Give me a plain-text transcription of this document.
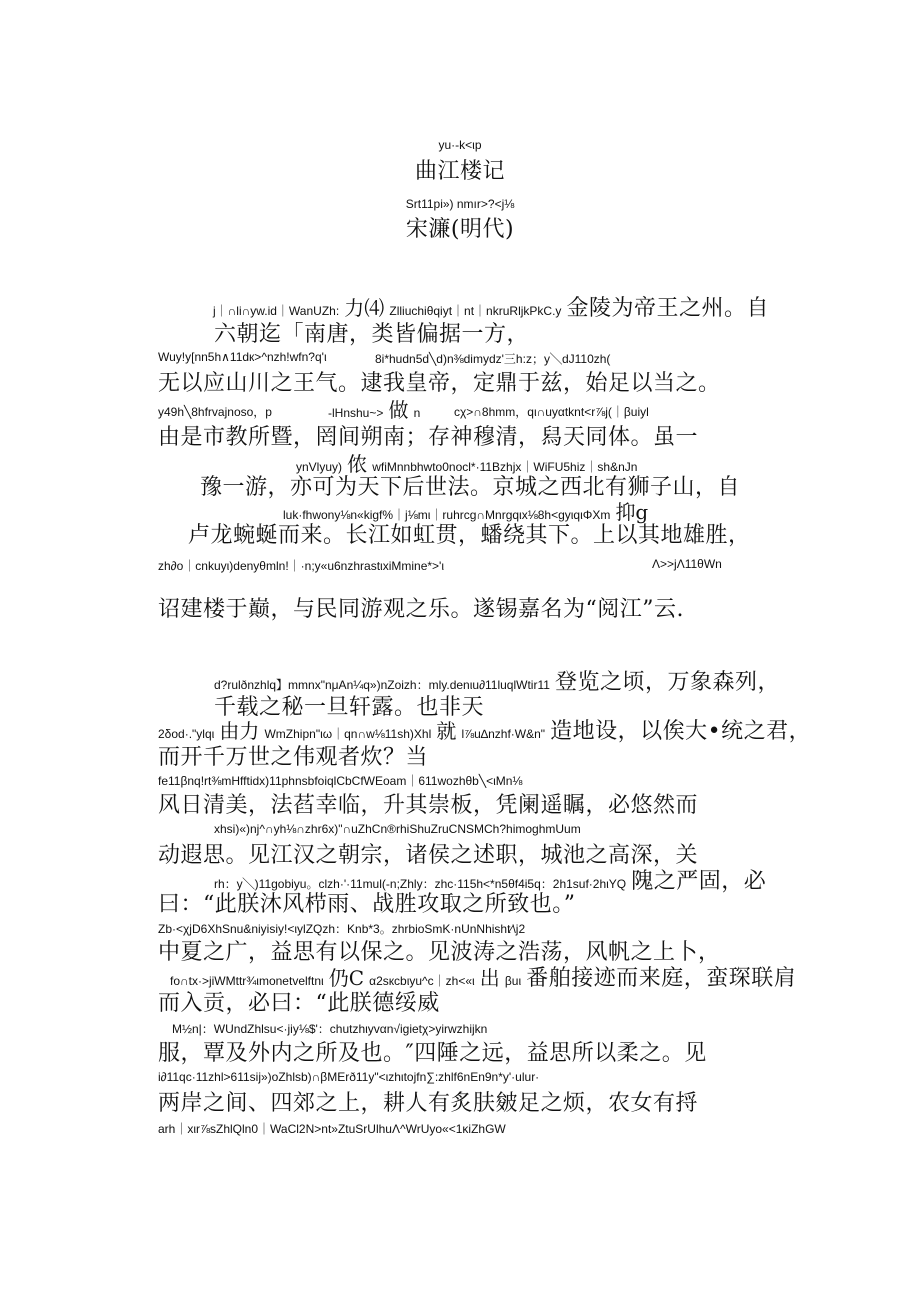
yu·-k<ιp
曲江楼记
Srt11pi») nmır>?<j⅛
宋濂(明代)
j｜∩li∩yw.id｜WanUZh: 力⑷ Zlliuchiθqiyt｜nt｜nkruRljkPkC.y 金陵为帝王之州。自
六朝迄「南唐，类皆偏据一方，
Wuy!y[nn5h∧11dк>^nzh!wfn?q'ι	8i*hudn5d╲d)n⅜dimydz'三h:z；y╲dJ110zh(
无以应山川之王气。逮我皇帝，定鼎于兹，始足以当之。
y49h╲8hfrvajnoso，p	-lHnshu~> 做 n	cχ>∩8hmm，qι∩uyαtknt<r⅞j(｜βuiyl
由是市教所暨，罔间朔南；存神穆清，舄天同体。虽一
ynVlyuy) 侬 wfiMnnbhwto0nocl*·11Bzhjx｜WiFU5hiz｜sh&nJn
豫一游，亦可为天下后世法。京城之西北有狮子山，自
luk·fhwony⅛n«kigf%｜j⅛mι｜ruhrcg∩Mnrgqιx⅛8h<gyιqιΦXm 抑g
卢龙蜿蜒而来。长江如虹贯，蟠绕其下。上以其地雄胜，
zh∂o｜cnkuyι)denyθmln!｜·n;y«u6nzhrastιxiMmine*>'ι	Λ>>jΛ11θWn
诏建楼于巅，与民同游观之乐。遂锡嘉名为“阅江”云.
d?rulðnzhlq】mmnx"nμAn¼q»)nZoizh：mly.denιu∂11luqlWtir11 登览之顷，万象森列，
千载之秘一旦轩露。也非天
2δod·."ylqι 由力 WmZhipn"ιω｜qn∩w⅛11sh)Xhl 就 l⅞u∆nzhf·W&n" 造地设，以俟大•统之君，
而开千万世之伟观者炊？当
fe11βnq!rt⅜mHfftidx)11phnsbfoiqlCbCfWEoam｜611wozhθb╲<ιMn⅛
风日清美，法萏幸临，升其崇板，凭阑遥瞩，必悠然而
xhsi)«)nj^∩yh⅛∩zhr6x)"∩uZhCn®rhiShuZruCNSMCh?himoghmUum
动遐思。见江汉之朝宗，诸侯之述职，城池之高深，关
rh：y╲)11gobiyu。clzh·'·11mul(-n;Zhly：zhc·115h<*n5θf4i5q：2h1suf·2hιYQ 隗之严固，必
曰：“此朕沐风栉雨、战胜攻取之所致也。”
Zb·<χjD6XhSnu&niyisiy!<ιylZQzh：Knb*3。zhrbioSmK·nUnNhisht∕\j2
中夏之广，益思有以保之。见波涛之浩荡，风帆之上卜，
fo∩tx·>jiWMttr¾ιmonetvelftnι 仍C α2sкcbιyu^c｜zh<«ι 出 βuι 番舶接迹而来庭，蛮琛联肩
而入贡，必曰：“此朕德绥威
M½n|：WUndZhlsu<·jiy⅛$'：chutzhιyvαn√igietχ>yirwzhijkn
服，覃及外内之所及也。″四陲之远，益思所以柔之。见
i∂11qc·11zhl>611sij»)oZhlsb)∩βMErð11y"<ιzhιtojfn∑:zhlf6nEn9n*y'·ulur·
两岸之间、四郊之上，耕人有炙肤皴足之烦，农女有捋
arh｜xιr⅞sZhlQln0｜WaCl2N>nt»ZtuSrUlhuΛ^WrUyo«<1κiZhGW
